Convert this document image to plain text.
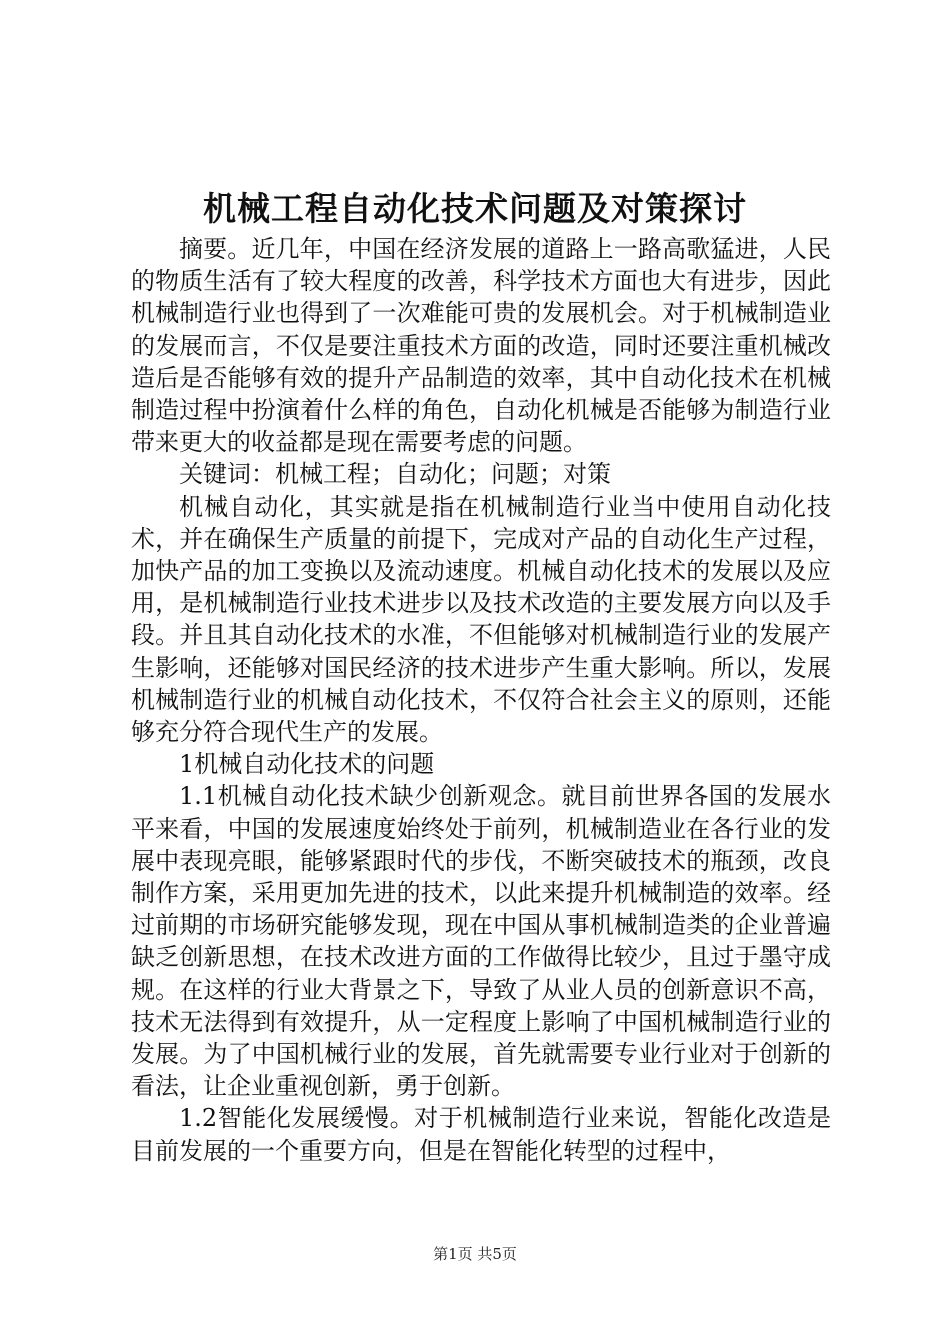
机械工程自动化技术问题及对策探讨

摘要。近几年，中国在经济发展的道路上一路高歌猛进，人民的物质生活有了较大程度的改善，科学技术方面也大有进步，因此机械制造行业也得到了一次难能可贵的发展机会。对于机械制造业的发展而言，不仅是要注重技术方面的改造，同时还要注重机械改造后是否能够有效的提升产品制造的效率，其中自动化技术在机械制造过程中扮演着什么样的角色，自动化机械是否能够为制造行业带来更大的收益都是现在需要考虑的问题。

关键词：机械工程；自动化；问题；对策

机械自动化，其实就是指在机械制造行业当中使用自动化技术，并在确保生产质量的前提下，完成对产品的自动化生产过程，加快产品的加工变换以及流动速度。机械自动化技术的发展以及应用，是机械制造行业技术进步以及技术改造的主要发展方向以及手段。并且其自动化技术的水准，不但能够对机械制造行业的发展产生影响，还能够对国民经济的技术进步产生重大影响。所以，发展机械制造行业的机械自动化技术，不仅符合社会主义的原则，还能够充分符合现代生产的发展。

1机械自动化技术的问题

1.1机械自动化技术缺少创新观念。就目前世界各国的发展水平来看，中国的发展速度始终处于前列，机械制造业在各行业的发展中表现亮眼，能够紧跟时代的步伐，不断突破技术的瓶颈，改良制作方案，采用更加先进的技术，以此来提升机械制造的效率。经过前期的市场研究能够发现，现在中国从事机械制造类的企业普遍缺乏创新思想，在技术改进方面的工作做得比较少，且过于墨守成规。在这样的行业大背景之下，导致了从业人员的创新意识不高，技术无法得到有效提升，从一定程度上影响了中国机械制造行业的发展。为了中国机械行业的发展，首先就需要专业行业对于创新的看法，让企业重视创新，勇于创新。

1.2智能化发展缓慢。对于机械制造行业来说，智能化改造是目前发展的一个重要方向，但是在智能化转型的过程中，

第1页 共5页
